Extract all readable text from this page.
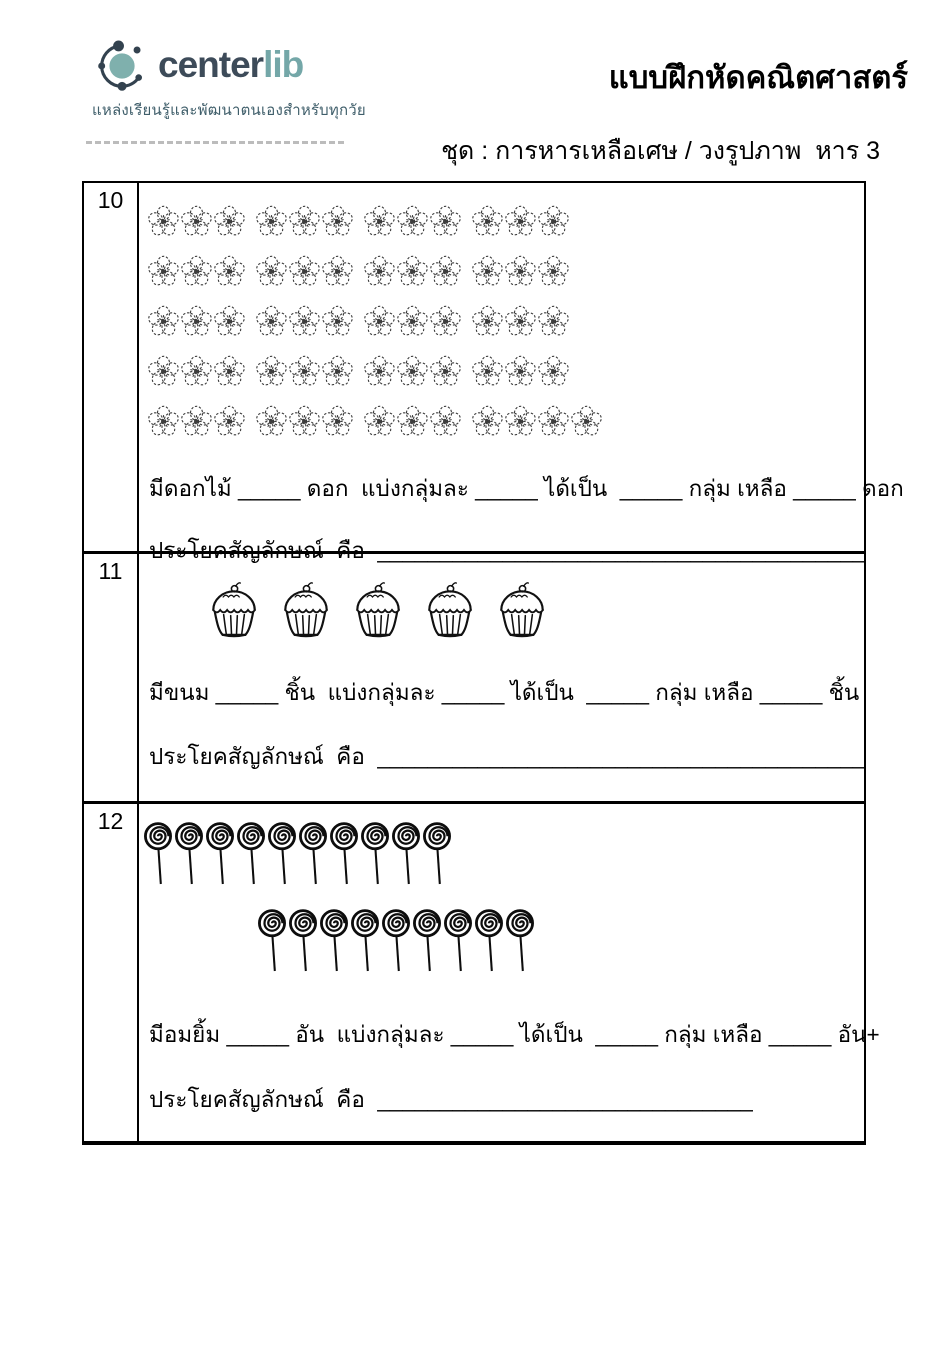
centerlib
แหล่งเรียนรู้และพัฒนาตนเองสำหรับทุกวัย
แบบฝึกหัดคณิตศาสตร์
ชุด : การหารเหลือเศษ / วงรูปภาพ  หาร 3
10
มีดอกไม้ _____ ดอก  แบ่งกลุ่มละ _____ ได้เป็น  _____ กลุ่ม เหลือ _____ ดอก
ประโยคสัญลักษณ์  คือ  _______________________________________
11
มีขนม _____ ชิ้น  แบ่งกลุ่มละ _____ ได้เป็น  _____ กลุ่ม เหลือ _____ ชิ้น
ประโยคสัญลักษณ์  คือ  _______________________________________
12
มีอมยิ้ม _____ อัน  แบ่งกลุ่มละ _____ ได้เป็น  _____ กลุ่ม เหลือ _____ อัน+
ประโยคสัญลักษณ์  คือ  ______________________________
